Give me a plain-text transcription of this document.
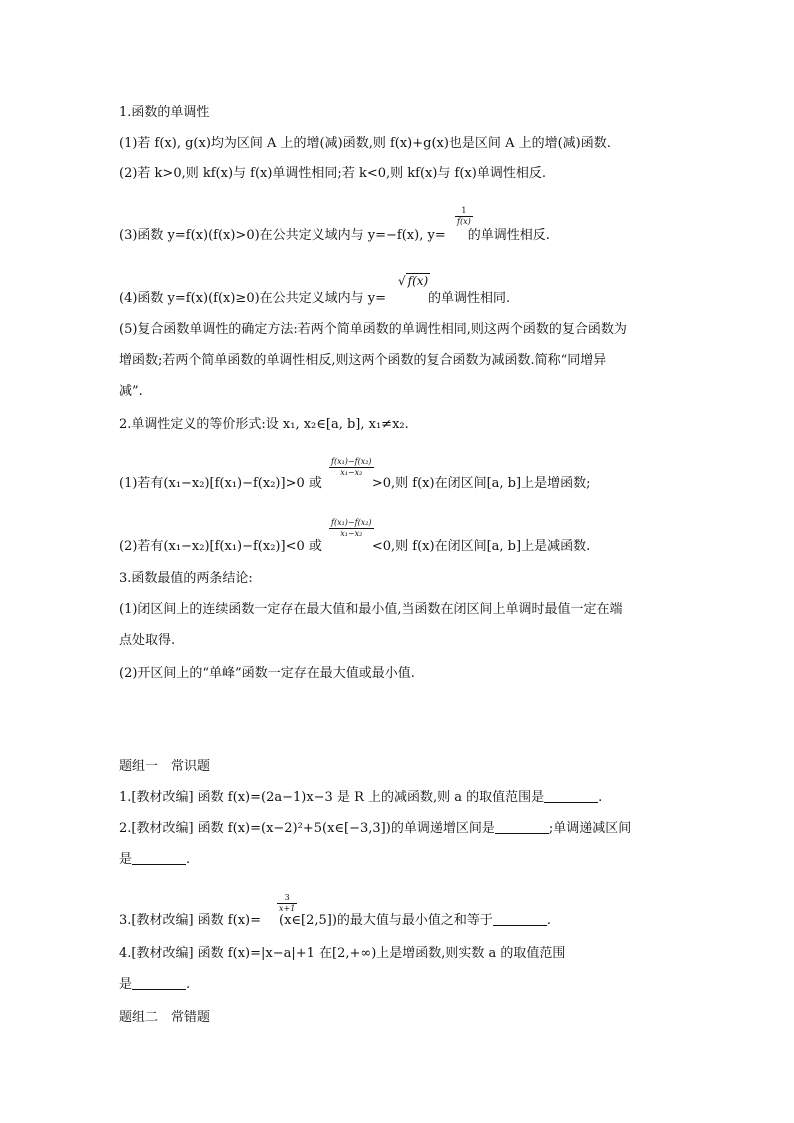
1.函数的单调性
(1)若 f(x), g(x)均为区间 A 上的增(减)函数,则 f(x)+g(x)也是区间 A 上的增(减)函数.
(2)若 k>0,则 kf(x)与 f(x)单调性相同;若 k<0,则 kf(x)与 f(x)单调性相反.
$\frac{1}{f(x)}$
(3)函数 y=f(x)(f(x)>0)在公共定义域内与 y=−f(x), y= 的单调性相反.
√ f(x)
(4)函数 y=f(x)(f(x)≥0)在公共定义域内与 y=	的单调性相同.
(5)复合函数单调性的确定方法:若两个简单函数的单调性相同,则这两个函数的复合函数为
增函数;若两个简单函数的单调性相反,则这两个函数的复合函数为减函数.简称“同增异
减”.
2.单调性定义的等价形式:设 x₁, x₂∈[a, b], x₁≠x₂.
$\frac{\text{f(x₁)−f(x₂)}}{\text{x₁−x₂}}$
(1)若有(x₁−x₂)[f(x₁)−f(x₂)]>0 或	>0,则 f(x)在闭区间[a, b]上是增函数;
$\frac{\text{f(x₁)−f(x₂)}}{\text{x₁−x₂}}$
(2)若有(x₁−x₂)[f(x₁)−f(x₂)]<0 或	<0,则 f(x)在闭区间[a, b]上是减函数.
3.函数最值的两条结论:
(1)闭区间上的连续函数一定存在最大值和最小值,当函数在闭区间上单调时最值一定在端
点处取得.
(2)开区间上的“单峰”函数一定存在最大值或最小值.
题组一　常识题
1.[教材改编] 函数 f(x)=(2a−1)x−3 是 R 上的减函数,则 a 的取值范围是	.
2.[教材改编] 函数 f(x)=(x−2)²+5(x∈[−3,3])的单调递增区间是	;单调递减区间
是	.
$\frac{3}{x+1}$
3.[教材改编] 函数 f(x)= (x∈[2,5])的最大值与最小值之和等于	.
4.[教材改编] 函数 f(x)=|x−a|+1 在[2,+∞)上是增函数,则实数 a 的取值范围
是	.
题组二　常错题
